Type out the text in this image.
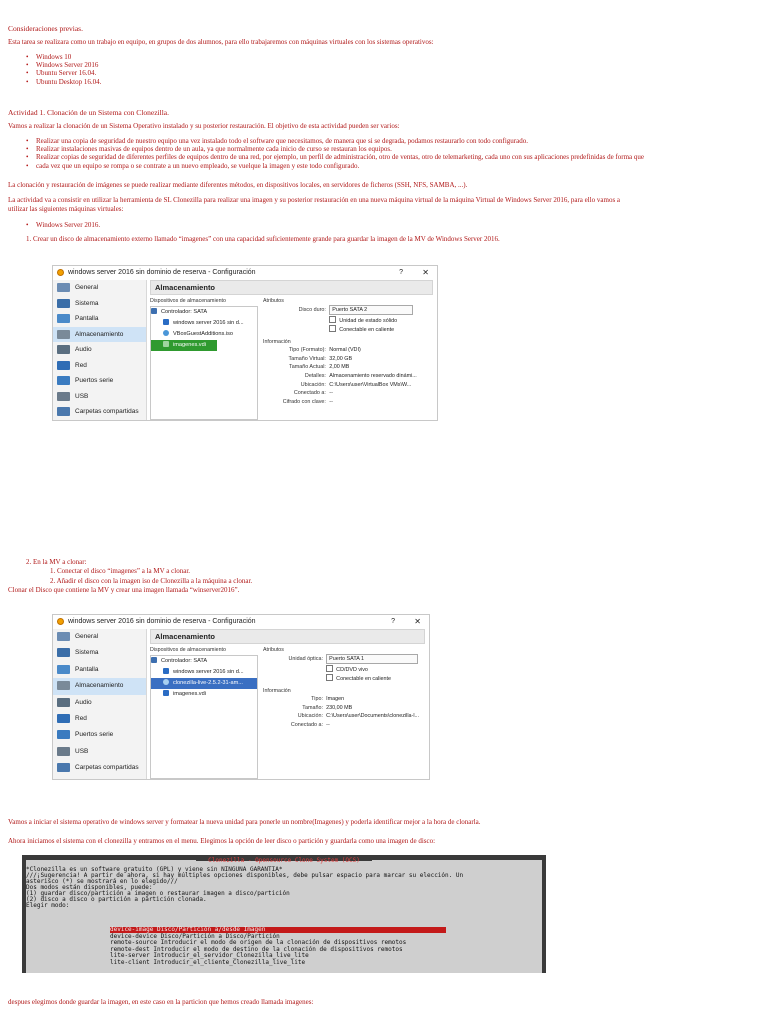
Consideraciones previas.
Esta tarea se realizara como un trabajo en equipo, en grupos de dos alumnos, para ello trabajaremos con máquinas virtuales con los sistemas operativos:
• Windows 10
• Windows Server 2016
• Ubuntu Server 16.04.
• Ubuntu Desktop 16.04.
Actividad 1. Clonación de un Sistema con Clonezilla.
Vamos a realizar la clonación de un Sistema Operativo instalado y su posterior restauración. El objetivo de esta actividad pueden ser varios:
• Realizar una copia de seguridad de nuestro equipo una vez instalado todo el software que necesitamos, de manera que si se degrada, podamos restaurarlo con todo configurado.
• Realizar instalaciones masivas de equipos dentro de un aula, ya que normalmente cada inicio de curso se restauran los equipos.
• Realizar copias de seguridad de diferentes perfiles de equipos dentro de una red, por ejemplo, un perfil de administración, otro de ventas, otro de telemarketing, cada uno con sus aplicaciones predefinidas de forma que
• cada vez que un equipo se rompa o se contrate a un nuevo empleado, se vuelque la imagen y este todo configurado.
La clonación y restauración de imágenes se puede realizar mediante diferentes métodos, en dispositivos locales, en servidores de ficheros (SSH, NFS, SAMBA, ...).
La actividad va a consistir en utilizar la herramienta de SL Clonezilla para realizar una imagen y su posterior restauración en una nueva máquina virtual de la máquina Virtual de Windows Server 2016, para ello vamos a
utilizar las siguientes máquinas virtuales:
• Windows Server 2016.
1. Crear un disco de almacenamiento externo llamado “imagenes” con una capacidad suficientemente grande para guardar la imagen de la MV de Windows Server 2016.
windows server 2016 sin dominio de reserva - Configuración	? ✕
General
Sistema
Pantalla
Almacenamiento
Audio
Red
Puertos serie
USB
Carpetas compartidas
Almacenamiento
Dispositivos de almacenamiento
Controlador: SATA
windows server 2016 sin d...
VBoxGuestAdditions.iso
imagenes.vdi
Atributos
Disco duro:	Puerto SATA 2
Unidad de estado sólido
Conectable en caliente
Información
Tipo (Formato): Normal (VDI)
Tamaño Virtual: 32,00 GB
Tamaño Actual: 2,00 MB
Detalles: Almacenamiento reservado dinámi...
Ubicación: C:\Users\user\VirtualBox VMs\W...
Conectado a: --
Cifrado con clave: --
2. En la MV a clonar:
1. Conectar el disco “imagenes” a la MV a clonar.
2. Añadir el disco con la imagen iso de Clonezilla a la máquina a clonar.
Clonar el Disco que contiene la MV y crear una imagen llamada “winserver2016”.
windows server 2016 sin dominio de reserva - Configuración	? ✕
General
Sistema
Pantalla
Almacenamiento
Audio
Red
Puertos serie
USB
Carpetas compartidas
Almacenamiento
Dispositivos de almacenamiento
Controlador: SATA
windows server 2016 sin d...
clonezilla-live-2.5.2-31-am...
imagenes.vdi
Atributos
Unidad óptica:	Puerto SATA 1
CD/DVD vivo
Conectable en caliente
Información
Tipo: Imagen
Tamaño: 230,00 MB
Ubicación: C:\Users\user\Documents\clonezilla-l...
Conectado a: --
Vamos a iniciar el sistema operativo de windows server y formatear la nueva unidad para ponerle un nombre(Imagenes) y poderla identificar mejor a la hora de clonarla.
Ahora iniciamos el sistema con el clonezilla y entramos en el menu. Elegimos la opción de leer disco o partición y guardarla como una imagen de disco:
Clonezilla - Opensource Clone System (OCS)
*Clonezilla es un software gratuito (GPL) y viene sin NINGUNA GARANTIA*
///¡Sugerencia! A partir de ahora, si hay múltiples opciones disponibles, debe pulsar espacio para marcar su elección. Un
asterisco (*) se mostrará en lo elegido///
Dos modos están disponibles, puede:
(1) guardar disco/partición a imagen o restaurar imagen a disco/partición
(2) disco a disco o partición a partición clonada.
Elegir modo:
device-image Disco/Partición a/desde Imagen
device-device Disco/Partición a Disco/Partición
remote-source Introducir el modo de origen de la clonación de dispositivos remotos
remote-dest Introducir el modo de destino de la clonación de dispositivos remotos
lite-server Introducir_el_servidor_Clonezilla_live_lite
lite-client Introducir_el_cliente_Clonezilla_live_lite
despues elegimos donde guardar la imagen, en este caso en la particion que hemos creado llamada imagenes:
